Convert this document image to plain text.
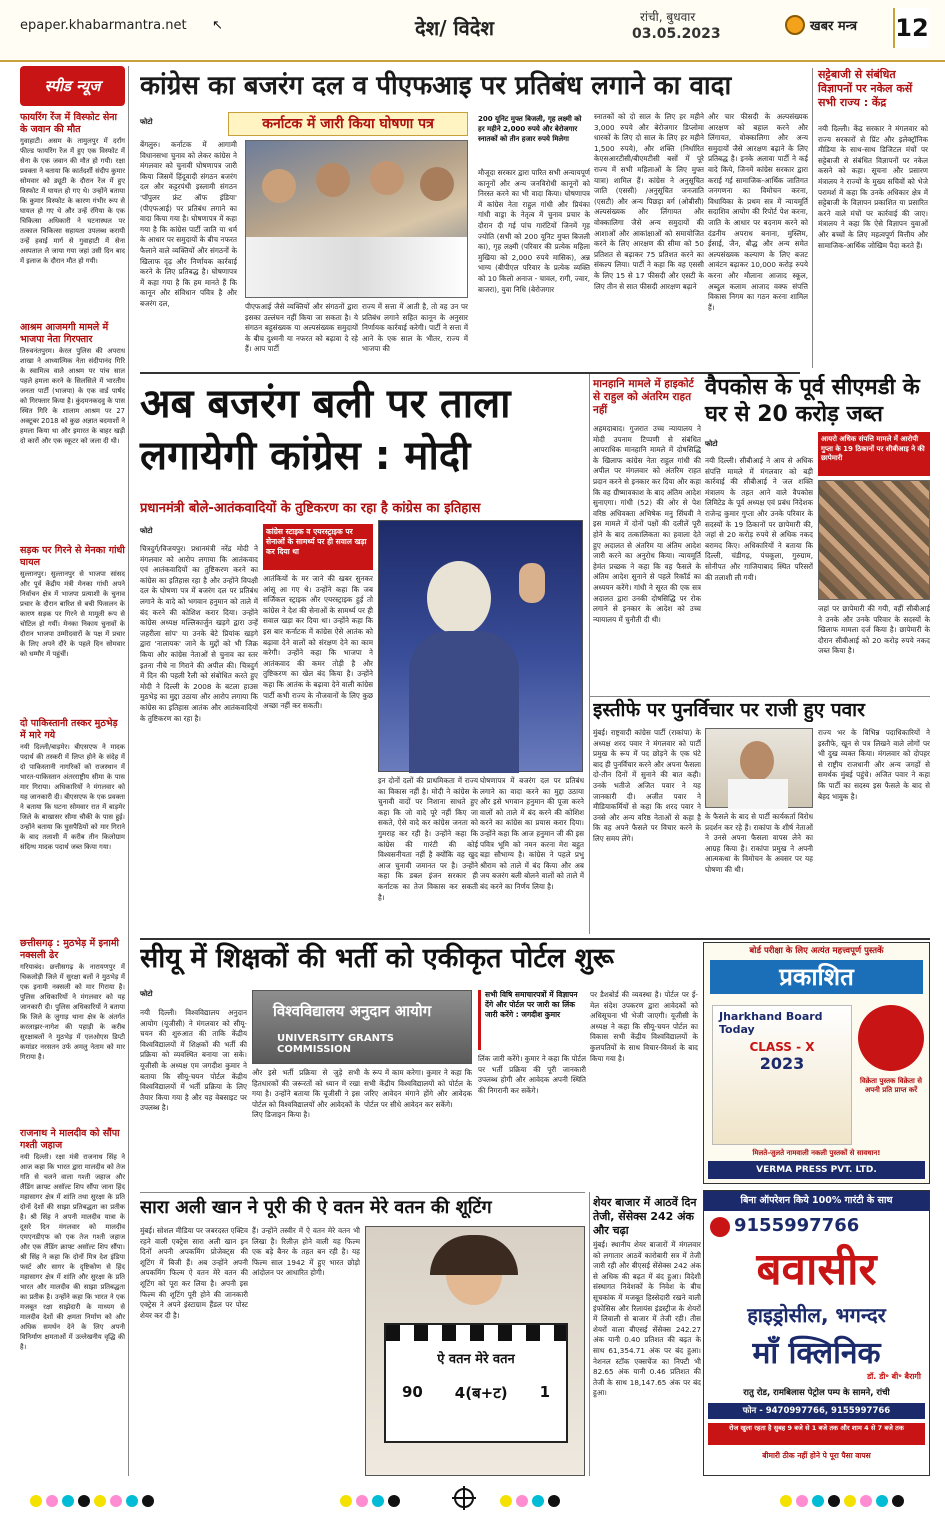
epaper.khabarmantra.net ↖	देश/ विदेश	रांची, बुधवार
03.05.2023	खबर मन्त्र 12
स्पीड न्यूज
फायरिंग रेंज में विस्फोट सेना के जवान की मौत
गुवाहाटी। असम के तामुलपुर में दर्रांग फील्ड फायरिंग रेंज में हुए एक विस्फोट में सेना के एक जवान की मौत हो गयी। रक्षा प्रवक्ता ने बताया कि कार्तदर्शी संदीप कुमार सोमवार को ड्यूटी के दौरान रेंज में हुए विस्फोट में घायल हो गए थे। उन्होंने बताया कि कुमार विस्फोट के कारण गंभीर रूप से घायल हो गए थे और उन्हें रंगिया के एक चिकित्सा अधिकारी ने घटनास्थल पर तत्काल चिकित्सा सहायता उपलब्ध करायी उन्हें हवाई मार्ग से गुवाहाटी में सेना अस्पताल ले जाया गया जहां उसी दिन बाद में इलाज के दौरान मौत हो गयी।
आश्रम आजमगी मामले में भाजपा नेता गिरफ्तार
तिरुवनंतपुरम। केरल पुलिस की अपराध शाखा ने आध्यात्मिक नेता संदीपानंद गिरि के स्वामित्व वाले आश्रम पर पांच साल पहले हमला करने के सिलसिले में भारतीय जनता पार्टी (भाजपा) के एक वार्ड पार्षद को गिरफ्तार किया है। कुंदमनकदवु के पास स्थित गिरि के शालाम आश्रम पर 27 अक्टूबर 2018 को कुछ अज्ञात बदमाशों ने हमला किया था और इमारत के बाहर खड़ी दो कारों और एक स्कूटर को जला दी थी।
सड़क पर गिरने से मेनका गांधी घायल
सुल्तानपुर। सुल्तानपुर से भाजपा सांसद और पूर्व केंद्रीय मंत्री मेनका गांधी अपने निर्वाचन क्षेत्र में भाजपा प्रत्याशी के चुनाव प्रचार के दौरान बारिश से बची फिसलन के कारण सड़क पर गिरने से मामूली रूप से चोटिल हो गयीं। मेनका निकाय चुनावों के दौरान भाजपा उम्मीदवारों के पक्ष में प्रचार के लिए अपने दौरे के पहले दिन सोमवार को धम्मौर में पहुंचीं।
दो पाकिस्तानी तस्कर मुठभेड़ में मारे गये
नयी दिल्ली/बाड़मेर। बीएसएफ ने मादक पदार्थ की तस्करी में लिप्त होने के संदेह में दो पाकिस्तानी नागरिकों को राजस्थान में भारत-पाकिस्तान अंतरराष्ट्रीय सीमा के पास मार गिराया। अधिकारियों ने मंगलवार को यह जानकारी दी। बीएसएफ के एक प्रवक्ता ने बताया कि घटना सोमवार रात में बाड़मेर जिले के बाखासर सीमा चौकी के पास हुई। उन्होंने बताया कि घुसपैठियों को मार गिराने के बाद तलाशी में करीब तीन किलोग्राम संदिग्ध मादक पदार्थ जब्त किया गया।
छत्तीसगढ़ : मुठभेड़ में इनामी नक्सली ढेर
गरियाबंद। छत्तीसगढ़ के नारायणपुर में चिकलोड़ी जिले में सुरक्षा बलों ने मुठभेड़ में एक इनामी नक्सली को मार गिराया है। पुलिस अधिकारियों ने मंगलवार को यह जानकारी दी। पुलिस अधिकारियों ने बताया कि जिले के जुगाड़ थाना क्षेत्र के अंतर्गत करलाझर-नागेश की पहाड़ी के करीब सुरक्षाबलों ने मुठभेड़ में एलओएस डिप्टी कमांडर नरसतन उर्फ अमलु नेताम को मार गिराया है।
राजनाथ ने मालदीव को सौंपा गश्ती जहाज
नयी दिल्ली। रक्षा मंत्री राजनाथ सिंह ने आज कहा कि भारत द्वारा मालदीव को तेज गति से चलने वाला गश्ती जहाज और लैंडिंग क्राफ्ट असॉल्ट शिप सौंपा जाना हिंद महासागर क्षेत्र में शांति तथा सुरक्षा के प्रति दोनों देशों की साझा प्रतिबद्धता का प्रतीक है। श्री सिंह ने अपनी मालदीव यात्रा के दूसरे दिन मंगलवार को मालदीव एमएनडीएफ को एक तेज गश्ती जहाज और एक लैंडिंग क्राफ्ट असॉल्ट शिप सौंपा। श्री सिंह ने कहा कि दोनों मित्र देश इंडिया फर्स्ट और सागर के दृष्टिकोण से हिंद महासागर क्षेत्र में शांति और सुरक्षा के प्रति भारत और मालदीव की साझा प्रतिबद्धता का प्रतीक है। उन्होंने कहा कि भारत ने एक मजबूत रक्षा साझेदारी के माध्यम से मालदीव देशों की क्षमता निर्माण को और अधिक समर्थन देने के लिए अपनी विनिर्माण क्षमताओं में उल्लेखनीय वृद्धि की है।
कांग्रेस का बजरंग दल व पीएफआइ पर प्रतिबंध लगाने का वादा
कर्नाटक में जारी किया घोषणा पत्र	200 यूनिट मुफ्त बिजली, गृह लक्ष्मी को हर महीने 2,000 रुपये और बेरोजगार स्नातकों को तीन हजार रुपये मिलेगा
फोटो
बेंगलुरु। कर्नाटक में आगामी विधानसभा चुनाव को लेकर कांग्रेस ने मंगलवार को चुनावी घोषणापत्र जारी किया जिसमें हिंदूवादी संगठन बजरंग दल और कट्टरपंथी इस्लामी संगठन 'पॉपुलर फ्रंट ऑफ इंडिया' (पीएफआई) पर प्रतिबंध लगाने का वादा किया गया है। घोषणापत्र में कहा गया है कि कांग्रेस पार्टी जाति या धर्म के आधार पर समुदायों के बीच नफरत फैलाने वाले व्यक्तियों और संगठनों के खिलाफ दृढ़ और निर्णायक कार्रवाई करने के लिए प्रतिबद्ध है। घोषणापत्र में कहा गया है कि हम मानते हैं कि कानून और संविधान पवित्र है और बजरंग दल,	पीएफआई जैसे व्यक्तियों और संगठनों द्वारा इसका उल्लंघन नहीं किया जा सकता है। ये संगठन बहुसंख्यक या अल्पसंख्यक समुदायों के बीच दुश्मनी या नफरत को बढ़ावा दे रहे हैं। आप पार्टी
राज्य में सत्ता में आती है, तो वह उन पर प्रतिबंध लगाने सहित कानून के अनुसार निर्णायक कार्रवाई करेगी। पार्टी ने सत्ता में आने के एक साल के भीतर, राज्य में भाजपा की
मौजूदा सरकार द्वारा पारित सभी अन्यायपूर्ण कानूनों और अन्य जनविरोधी कानूनों को निरस्त करने का भी वादा किया। घोषणापत्र में कांग्रेस नेता राहुल गांधी और प्रियंका गांधी वाड्रा के नेतृत्व में चुनाव प्रचार के दौरान दी गई पांच गारंटियों जिनमें गृह ज्योति (सभी को 200 यूनिट मुफ्त बिजली का), गृह लक्ष्मी (परिवार की प्रत्येक महिला मुखिया को 2,000 रुपये मासिक), अन्न भाग्य (बीपीएल परिवार के प्रत्येक व्यक्ति को 10 किलो अनाज - चावल, रागी, ज्वार, बाजरा), युवा निधि (बेरोजगार
स्नातकों को दो साल के लिए हर महीने 3,000 रुपये और बेरोजगार डिप्लोमा धारकों के लिए दो साल के लिए हर महीने 1,500 रुपये), और शक्ति (निर्धारित केएसआरटीसी/बीएमटीसी बसों में पूरे राज्य में सभी महिलाओं के लिए मुफ्त यात्रा) शामिल हैं। कांग्रेस ने अनुसूचित जाति (एससी) /अनुसूचित जनजाति (एसटी) और अन्य पिछड़ा वर्ग (ओबीसी) अल्पसंख्यक और लिंगायत और वोक्कालिगा जैसे अन्य समुदायों की आशाओं और आकांक्षाओं को समायोजित करने के लिए आरक्षण की सीमा को 50 प्रतिशत से बढ़ाकर 75 प्रतिशत करने का संकल्प लिया। पार्टी ने कहा कि वह एससी के लिए 15 से 17 फीसदी और एसटी के लिए तीन से सात फीसदी आरक्षण बढ़ाने
और चार फीसदी के अल्पसंख्यक आरक्षण को बहाल करने और लिंगायत, वोक्कालिगा और अन्य समुदायों जैसे आरक्षण बढ़ाने के लिए प्रतिबद्ध है। इनके अलावा पार्टी ने कई वादे किये, जिनमें कांग्रेस सरकार द्वारा कराई गई सामाजिक-आर्थिक जातिगत जनगणना का विमोचन करना, विधायिका के प्रथम सत्र में न्यायमूर्ति सदाशिव आयोग की रिपोर्ट पेश करना, जाति के आधार पर बदनाम करने को दंडनीय अपराध बनाना, मुस्लिम, ईसाई, जैन, बौद्ध और अन्य समेत अल्पसंख्यक कल्याण के लिए बजट आवंटन बढ़ाकर 10,000 करोड़ रुपये करना और मौलाना आजाद स्कूल, अब्दुल कलाम आजाद वक्फ संपत्ति विकास निगम का गठन करना शामिल हैं।
सट्टेबाजी से संबंधित विज्ञापनों पर नकेल कसें सभी राज्य : केंद्र
नयी दिल्ली। केंद्र सरकार ने मंगलवार को राज्य सरकारों से प्रिंट और इलेक्ट्रॉनिक मीडिया के साथ-साथ डिजिटल मंचों पर सट्टेबाजी से संबंधित विज्ञापनों पर नकेल कसने को कहा। सूचना और प्रसारण मंत्रालय ने राज्यों के मुख्य सचिवों को भेजे परामर्श में कहा कि उनके अधिकार क्षेत्र में सट्टेबाजी के विज्ञापन प्रकाशित या प्रसारित करने वाले मंचों पर कार्रवाई की जाए। मंत्रालय ने कहा कि ऐसे विज्ञापन युवाओं और बच्चों के लिए महत्वपूर्ण वित्तीय और सामाजिक-आर्थिक जोखिम पैदा करते हैं।
अब बजरंग बली पर ताला
लगायेगी कांग्रेस : मोदी
प्रधानमंत्री बोले-आतंकवादियों के तुष्टिकरण का रहा है कांग्रेस का इतिहास
फोटो
चित्रदुर्ग/विजयपुर। प्रधानमंत्री नरेंद्र मोदी ने मंगलवार को आरोप लगाया कि आतंकवाद एवं आतंकवादियों का तुष्टिकरण करने का कांग्रेस का इतिहास रहा है और उन्होंने विपक्षी दल के घोषणा पत्र में बजरंग दल पर प्रतिबंध लगाने के वादे को भगवान हनुमान को ताले में बंद करने की कोशिश करार दिया। उन्होंने कांग्रेस अध्यक्ष मल्लिकार्जुन खड़गे द्वारा उन्हें जहरीला सांप' या उनके बेटे प्रियांक खड़गे द्वारा 'नालायक' जाने के मुद्दों को भी जिक्र किया और कांग्रेस नेताओं से चुनाव का स्तर इतना नीचे ना गिराने की अपील की। चित्रदुर्ग में दिन की पहली रैली को संबोधित करते हुए मोदी ने दिल्ली के 2008 के बटला हाउस मुठभेड़ का मुद्दा उठाया और आरोप लगाया कि कांग्रेस का इतिहास आतंक और आतंकवादियों के तुष्टिकरण का रहा है।
कांग्रेस स्टाइक व एयरस्ट्राइक पर सेनाओं के सामर्थ्य पर ही सवाल खड़ा कर दिया था
आतंकियों के मर जाने की खबर सुनकर आंसू आ गए थे। उन्होंने कहा कि जब सर्जिकल स्ट्राइक और एयरस्ट्राइक हुई तो कांग्रेस ने देश की सेनाओं के सामर्थ्य पर ही सवाल खड़ा कर दिया था। उन्होंने कहा कि इस बार कर्नाटक में कांग्रेस ऐसे आतंक को बढ़ावा देने वालों को संरक्षण देने का काम करेगी। उन्होंने कहा कि भाजपा ने आतंकवाद की कमर तोड़ी है और तुष्टिकरण का खेल बंद किया है। उन्होंने कहा कि आतंक के बढ़ावा देने वाली कांग्रेस पार्टी कभी राज्य के नौजवानों के लिए कुछ अच्छा नहीं कर सकती।
इन दोनों दलों की प्राथमिकता में राज्य का विकास नहीं है। मोदी ने कांग्रेस के चुनावी वादों पर निशाना साधते हुए कहा कि जो वादे पूरे नहीं किए जा सकते, ऐसे वादे कर कांग्रेस जनता को गुमराह कर रही है। उन्होंने कहा कि कांग्रेस की गारंटी की कोई विश्वसनीयता नहीं है क्योंकि वह खुद आज चुनावी जमानत पर है। उन्होंने कहा कि डबल इंजन सरकार ही कर्नाटक का तेज विकास कर सकती है।
घोषणापत्र में बजरंग दल पर प्रतिबंध लगाने का वादा करने का मुद्दा उठाया और इसे भगवान हनुमान की पूजा करने वालों को ताले में बंद करने की कोशिश करने का कांग्रेस का प्रयास करार दिया। उन्होंने कहा कि आज हनुमान जी की इस पवित्र भूमि को नमन करना मेरा बहुत बड़ा सौभाग्य है। कांग्रेस ने पहले प्रभु श्रीराम को ताले में बंद किया और अब जय बजरंग बली बोलने वालों को ताले में बंद करने का निर्णय लिया है।
मानहानि मामले में हाइकोर्ट से राहुल को अंतरिम राहत नहीं
अहमदाबाद। गुजरात उच्च न्यायालय ने मोदी उपनाम टिप्पणी से संबंधित आपराधिक मानहानि मामले में दोषसिद्धि के खिलाफ कांग्रेस नेता राहुल गांधी की अपील पर मंगलवार को अंतरिम राहत प्रदान करने से इनकार कर दिया और कहा कि वह ग्रीष्मावकाश के बाद अंतिम आदेश सुनाएगा। गांधी (52) की ओर से पेश वरिष्ठ अधिवक्ता अभिषेक मनु सिंघवी ने इस मामले में दोनों पक्षों की दलीलें पूरी होने के बाद तत्कालिकता का हवाला देते हुए अदालत से अंतरिम या अंतिम आदेश जारी करने का अनुरोध किया। न्यायमूर्ति हेमंत प्रच्छक ने कहा कि वह फैसले के अंतिम आदेश सुनाने से पहले रिकॉर्ड का अध्ययन करेंगे। गांधी ने सूरत की एक सत्र अदालत द्वारा उनकी दोषसिद्धि पर रोक लगाने से इनकार के आदेश को उच्च न्यायालय में चुनौती दी थी।
वैपकोस के पूर्व सीएमडी के घर से 20 करोड़ जब्त
आयरो अधिक संपत्ति मामले में आरोपी गुप्ता के 19 ठिकानों पर सीबीआइ ने की छापेमारी
फोटो
नयी दिल्ली। सीबीआई ने आय से अधिक संपत्ति मामले में मंगलवार को बड़ी कार्रवाई की सीबीआई ने जल शक्ति मंत्रालय के तहत आने वाले वैपकोस लिमिटेड के पूर्व अध्यक्ष एवं प्रबंध निदेशक राजेन्द्र कुमार गुप्ता और उनके परिवार के सदस्यों के 19 ठिकानों पर छापेमारी की, जहां से 20 करोड़ रुपये से अधिक नकद बरामद किए। अधिकारियों ने बताया कि दिल्ली, चंडीगढ़, पंचकूला, गुरुग्राम, सोनीपत और गाजियाबाद स्थित परिसरों की तलाशी ली गयी।
जहां पर छापेमारी की गयी, वहीं सीबीआई ने उनके और उनके परिवार के सदस्यों के खिलाफ मामला दर्ज किया है। छापेमारी के दौरान सीबीआई को 20 करोड़ रुपये नकद जब्त किया है।
इस्तीफे पर पुनर्विचार पर राजी हुए पवार
मुंबई। राष्ट्रवादी कांग्रेस पार्टी (राकांपा) के अध्यक्ष शरद पवार ने मंगलवार को पार्टी प्रमुख के रूप में पद छोड़ने के एक घंटे बाद ही पुनर्विचार करने और अपना फैसला दो-तीन दिनों में सुनाने की बात कही। उनके भतीजे अजित पवार ने यह जानकारी दी। अजीत पवार ने मीडियाकर्मियों से कहा कि शरद पवार ने उनसे और अन्य वरिष्ठ नेताओं से कहा है कि वह अपने फैसले पर विचार करने के लिए समय लेंगे।
के फैसले के बाद से पार्टी कार्यकर्ता विरोध प्रदर्शन कर रहे हैं। राकांपा के शीर्ष नेताओं ने उनसे अपना फैसला वापस लेने का आग्रह किया है। राकांपा प्रमुख ने अपनी आत्मकथा के विमोचन के अवसर पर यह घोषणा की थी।
राज्य भर के विभिन्न पदाधिकारियों ने इस्तीफे, खून से पत्र लिखने वाले लोगों पर भी दुख व्यक्त किया। मंगलवार को दोपहर से राष्ट्रीय राजधानी और अन्य जगहों से समर्थक मुंबई पहुंचे। अजित पवार ने कहा कि पार्टी का सदस्य इस फैसले के बाद से बेहद भावुक है।
सीयू में शिक्षकों की भर्ती को एकीकृत पोर्टल शुरू
फोटो
नयी दिल्ली। विश्वविद्यालय अनुदान आयोग (यूजीसी) ने मंगलवार को सीयू-चयन की शुरुआत की ताकि केंद्रीय विश्वविद्यालयों में शिक्षकों की भर्ती की प्रक्रिया को व्यवस्थित बनाया जा सके। यूजीसी के अध्यक्ष एम जगदीश कुमार ने बताया कि सीयू-चयन पोर्टल केंद्रीय विश्वविद्यालयों में भर्ती प्रक्रिया के लिए तैयार किया गया है और यह वेबसाइट पर उपलब्ध है।
विश्वविद्यालय अनुदान आयोग
UNIVERSITY GRANTS COMMISSION
और इसे भर्ती प्रक्रिया से जुड़े सभी हितधारकों की जरूरतों को ध्यान में रखा गया है। उन्होंने बताया कि यूजीसी ने इस पोर्टल को विश्वविद्यालयों और आवेदकों के लिए डिजाइन किया है।
के रूप में काम करेगा। कुमार ने कहा कि सभी केंद्रीय विश्वविद्यालयों को पोर्टल के जरिए आवेदन मंगाने होंगे और आवेदक पोर्टल पर सीधे आवेदन कर सकेंगे।
सभी विषि समाचारपत्रों में विज्ञापन देंगे और पोर्टल पर जारी का लिंक जारी करेंगे : जगदीश कुमार
लिंक जारी करेंगे। कुमार ने कहा कि पोर्टल पर भर्ती प्रक्रिया की पूरी जानकारी उपलब्ध होगी और आवेदक अपनी स्थिति की निगरानी कर सकेंगे।
पर डैशबोर्ड की व्यवस्था है। पोर्टल पर ई-मेल संदेश उपकरण द्वारा आवेदकों को अधिसूचना भी भेजी जाएगी। यूजीसी के अध्यक्ष ने कहा कि सीयू-चयन पोर्टल का विकास सभी केंद्रीय विश्वविद्यालयों के कुलपतियों के साथ विचार-विमर्श के बाद किया गया है।
सारा अली खान ने पूरी की ऐ वतन मेरे वतन की शूटिंग
मुंबई। सोशल मीडिया पर जबरदस्त एक्टिव रहने वाली एक्ट्रेस सारा अली खान इन दिनों अपनी अपकमिंग प्रोजेक्ट्स की शूटिंग में बिजी हैं। अब उन्होंने अपनी अपकमिंग फिल्म ऐ वतन मेरे वतन की शूटिंग को पूरा कर लिया है। अपनी इस फिल्म की शूटिंग पूरी होने की जानकारी एक्ट्रेस ने अपने इंस्टाग्राम हैंडल पर पोस्ट शेयर कर दी है।
हैं। उन्होंने तस्वीर में ऐ वतन मेरे वतन भी लिखा है। रिलीज़ होने वाली यह फिल्म एक बड़े बैनर के तहत बन रही है। यह फिल्म साल 1942 में हुए भारत छोड़ो आंदोलन पर आधारित होगी।
ऐ वतन मेरे वतन
90 4(ब+ट) 1
शेयर बाजार में आठवें दिन तेजी, सेंसेक्स 242 अंक और चढ़ा
मुंबई। स्थानीय शेयर बाजारों में मंगलवार को लगातार आठवें कारोबारी सत्र में तेजी जारी रही और बीएसई सेंसेक्स 242 अंक से अधिक की बढ़त में बंद हुआ। विदेशी संस्थागत निवेशकों के निवेश के बीच सूचकांक में मजबूत हिस्सेदारी रखने वाली इंफोसिस और रिलायंस इंडस्ट्रीज के शेयरों में लिवाली से बाजार में तेजी रही। तीस शेयरों वाला बीएसई सेंसेक्स 242.27 अंक यानी 0.40 प्रतिशत की बढ़त के साथ 61,354.71 अंक पर बंद हुआ। नेशनल स्टॉक एक्सचेंज का निफ्टी भी 82.65 अंक यानी 0.46 प्रतिशत की तेजी के साथ 18,147.65 अंक पर बंद हुआ।
बोर्ड परीक्षा के लिए अत्यंत महत्त्वपूर्ण पुस्तकें
प्रकाशित
Jharkhand Board Today
CLASS - X
2023
विक्रेता पुस्तक विक्रेता से अपनी प्रति प्राप्त करें
मिलते-जुलते नामवाली नकली पुस्तकों से सावधान!
VERMA PRESS PVT. LTD.
बिना ऑपरेशन किये 100% गारंटी के साथ
9155997766
बवासीर
हाइड्रोसील, भगन्दर
माँ क्लिनिक
डॉ. डी॰ बी॰ बैरागी
रातु रोड, रामबिलास पेट्रोल पम्प के सामने, रांची
फोन - 9470997766, 9155997766
रोज खुला रहता है सुबह 9 बजे से 1 बजे तक और शाम 4 से 7 बजे तक
बीमारी ठीक नहीं होने पे पूरा पैसा वापस
